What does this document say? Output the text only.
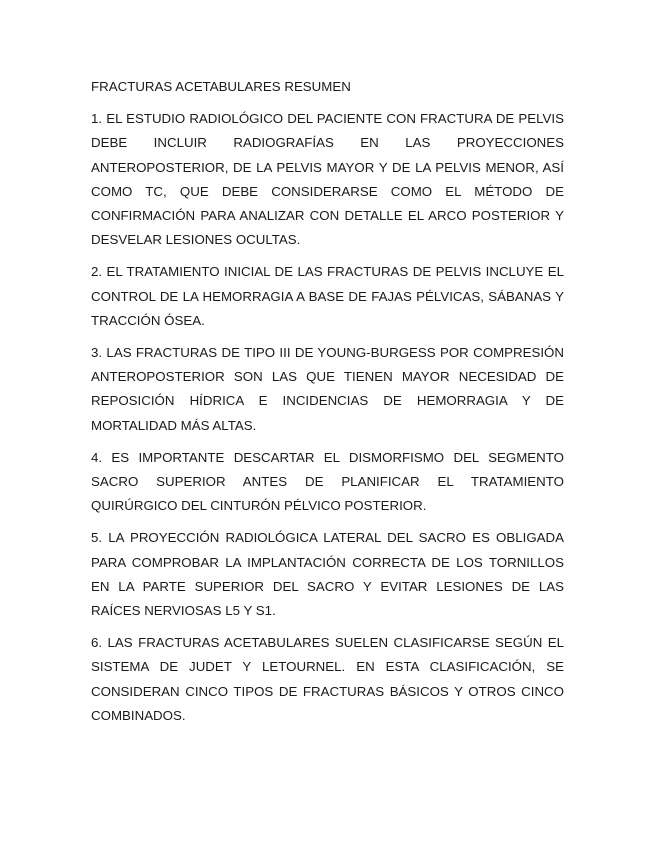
FRACTURAS ACETABULARES RESUMEN

1. EL ESTUDIO RADIOLÓGICO DEL PACIENTE CON FRACTURA DE PELVIS DEBE INCLUIR RADIOGRAFÍAS EN LAS PROYECCIONES ANTEROPOSTERIOR, DE LA PELVIS MAYOR Y DE LA PELVIS MENOR, ASÍ COMO TC, QUE DEBE CONSIDERARSE COMO EL MÉTODO DE CONFIRMACIÓN PARA ANALIZAR CON DETALLE EL ARCO POSTERIOR Y DESVELAR LESIONES OCULTAS.

2. EL TRATAMIENTO INICIAL DE LAS FRACTURAS DE PELVIS INCLUYE EL CONTROL DE LA HEMORRAGIA A BASE DE FAJAS PÉLVICAS, SÁBANAS Y TRACCIÓN ÓSEA.

3. LAS FRACTURAS DE TIPO III DE YOUNG-BURGESS POR COMPRESIÓN ANTEROPOSTERIOR SON LAS QUE TIENEN MAYOR NECESIDAD DE REPOSICIÓN HÍDRICA E INCIDENCIAS DE HEMORRAGIA Y DE MORTALIDAD MÁS ALTAS.

4. ES IMPORTANTE DESCARTAR EL DISMORFISMO DEL SEGMENTO SACRO SUPERIOR ANTES DE PLANIFICAR EL TRATAMIENTO QUIRÚRGICO DEL CINTURÓN PÉLVICO POSTERIOR.

5. LA PROYECCIÓN RADIOLÓGICA LATERAL DEL SACRO ES OBLIGADA PARA COMPROBAR LA IMPLANTACIÓN CORRECTA DE LOS TORNILLOS EN LA PARTE SUPERIOR DEL SACRO Y EVITAR LESIONES DE LAS RAÍCES NERVIOSAS L5 Y S1.

6. LAS FRACTURAS ACETABULARES SUELEN CLASIFICARSE SEGÚN EL SISTEMA DE JUDET Y LETOURNEL. EN ESTA CLASIFICACIÓN, SE CONSIDERAN CINCO TIPOS DE FRACTURAS BÁSICOS Y OTROS CINCO COMBINADOS.
